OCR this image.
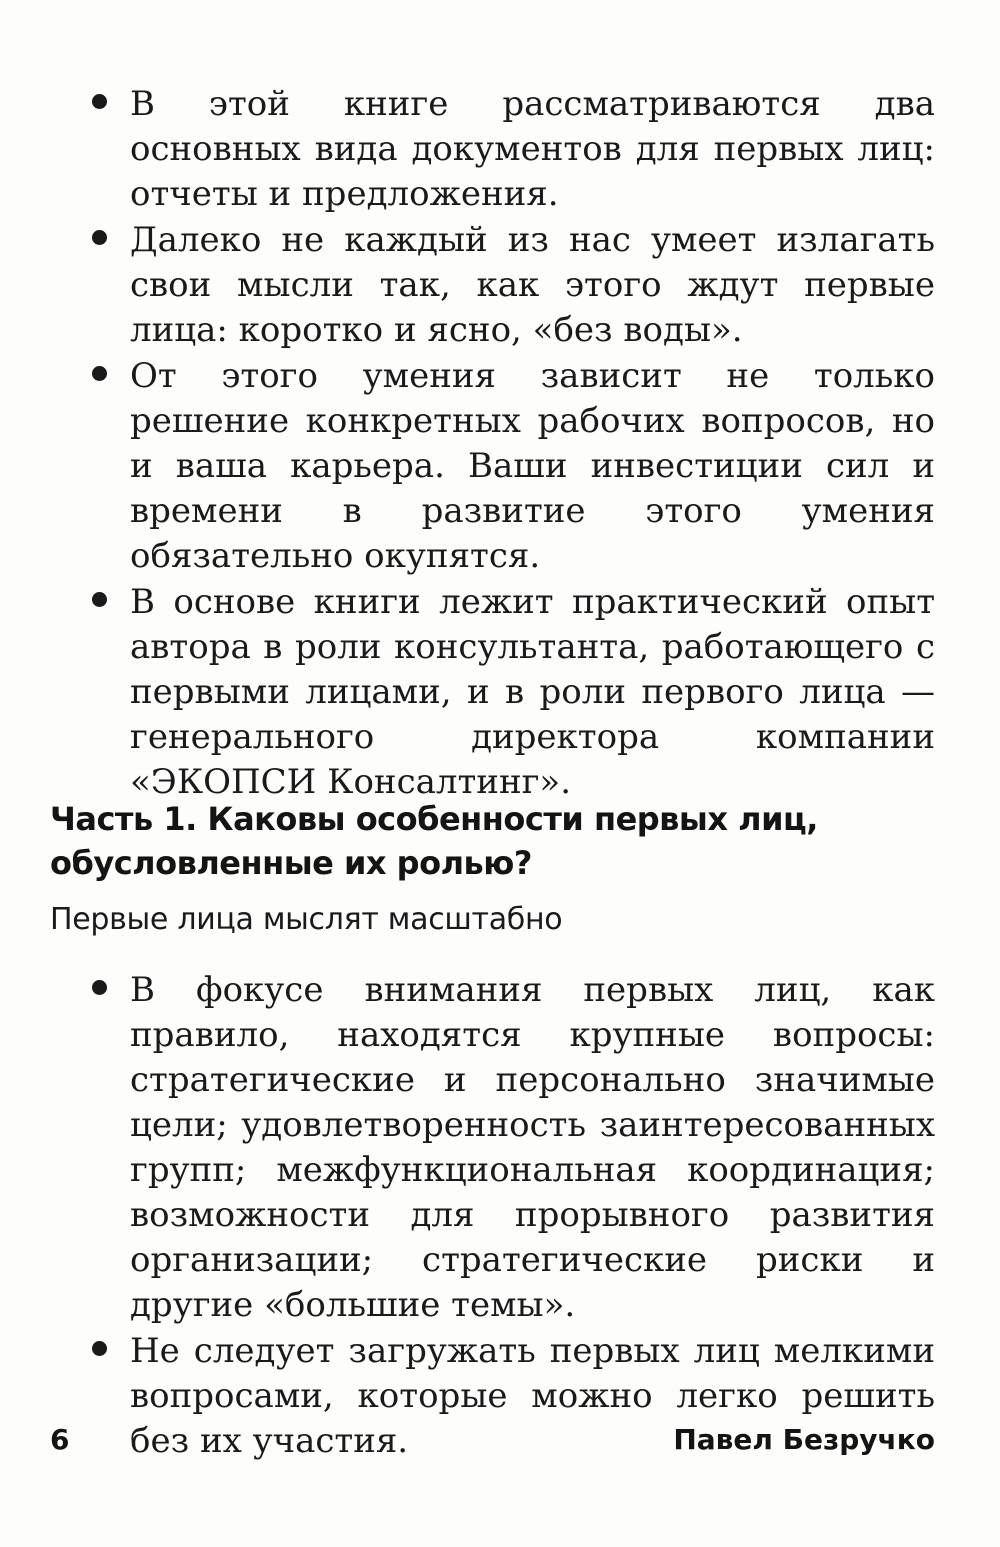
В этой книге рассматриваются два основных вида документов для первых лиц: отчеты и предложения.
Далеко не каждый из нас умеет излагать свои мысли так, как этого ждут первые лица: коротко и ясно, «без воды».
От этого умения зависит не только решение конкретных рабочих вопросов, но и ваша карьера. Ваши инвестиции сил и времени в развитие этого умения обязательно окупятся.
В основе книги лежит практический опыт автора в роли консультанта, работающего с первыми лицами, и в роли первого лица — генерального директора компании «ЭКОПСИ Консалтинг».
Часть 1. Каковы особенности первых лиц, обусловленные их ролью?

Первые лица мыслят масштабно

В фокусе внимания первых лиц, как правило, находятся крупные вопросы: стратегические и персонально значимые цели; удовлетворенность заинтересованных групп; межфункциональная координация; возможности для прорывного развития организации; стратегические риски и другие «большие темы».
Не следует загружать первых лиц мелкими вопросами, которые можно легко решить без их участия.
6	Павел Безручко
